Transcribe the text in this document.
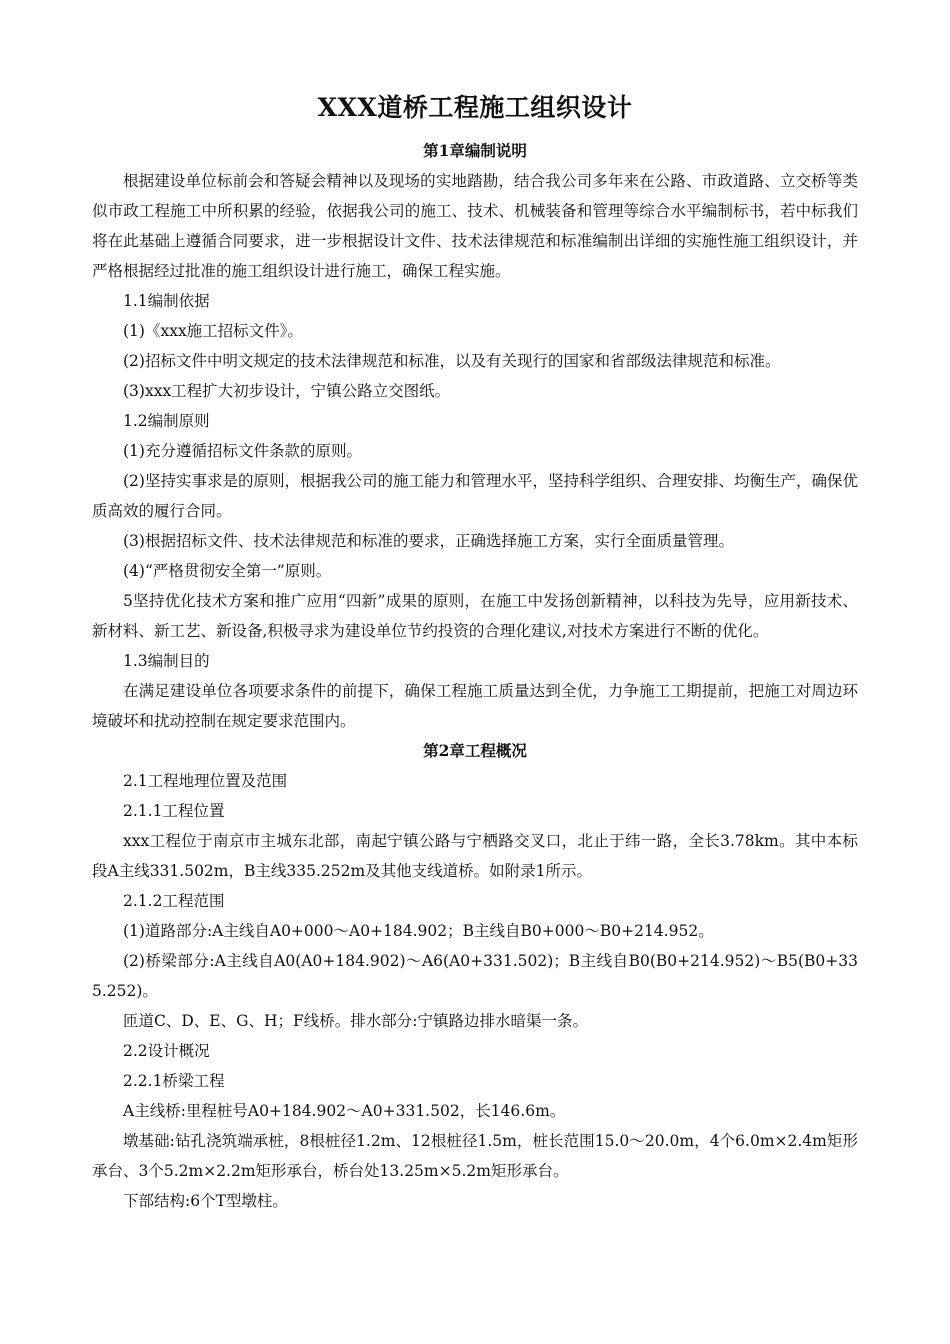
XXX道桥工程施工组织设计
第1章编制说明

根据建设单位标前会和答疑会精神以及现场的实地踏勘，结合我公司多年来在公路、市政道路、立交桥等类似市政工程施工中所积累的经验，依据我公司的施工、技术、机械装备和管理等综合水平编制标书，若中标我们将在此基础上遵循合同要求，进一步根据设计文件、技术法律规范和标准编制出详细的实施性施工组织设计，并严格根据经过批准的施工组织设计进行施工，确保工程实施。

1.1编制依据

(1)《xxx施工招标文件》。

(2)招标文件中明文规定的技术法律规范和标准，以及有关现行的国家和省部级法律规范和标准。

(3)xxx工程扩大初步设计，宁镇公路立交图纸。

1.2编制原则

(1)充分遵循招标文件条款的原则。

(2)坚持实事求是的原则，根据我公司的施工能力和管理水平，坚持科学组织、合理安排、均衡生产，确保优质高效的履行合同。

(3)根据招标文件、技术法律规范和标准的要求，正确选择施工方案，实行全面质量管理。

(4)“严格贯彻安全第一”原则。

5坚持优化技术方案和推广应用“四新”成果的原则，在施工中发扬创新精神，以科技为先导，应用新技术、新材料、新工艺、新设备,积极寻求为建设单位节约投资的合理化建议,对技术方案进行不断的优化。

1.3编制目的

在满足建设单位各项要求条件的前提下，确保工程施工质量达到全优，力争施工工期提前，把施工对周边环境破坏和扰动控制在规定要求范围内。

第2章工程概况

2.1工程地理位置及范围

2.1.1工程位置

xxx工程位于南京市主城东北部，南起宁镇公路与宁栖路交叉口，北止于纬一路，全长3.78km。其中本标段A主线331.502m，B主线335.252m及其他支线道桥。如附录1所示。

2.1.2工程范围

(1)道路部分:A主线自A0+000～A0+184.902；B主线自B0+000～B0+214.952。

(2)桥梁部分:A主线自A0(A0+184.902)～A6(A0+331.502)；B主线自B0(B0+214.952)～B5(B0+335.252)。

匝道C、D、E、G、H；F线桥。排水部分:宁镇路边排水暗渠一条。

2.2设计概况

2.2.1桥梁工程

A主线桥:里程桩号A0+184.902～A0+331.502，长146.6m。

墩基础:钻孔浇筑端承桩，8根桩径1.2m、12根桩径1.5m，桩长范围15.0～20.0m，4个6.0m×2.4m矩形承台、3个5.2m×2.2m矩形承台，桥台处13.25m×5.2m矩形承台。

下部结构:6个T型墩柱。
